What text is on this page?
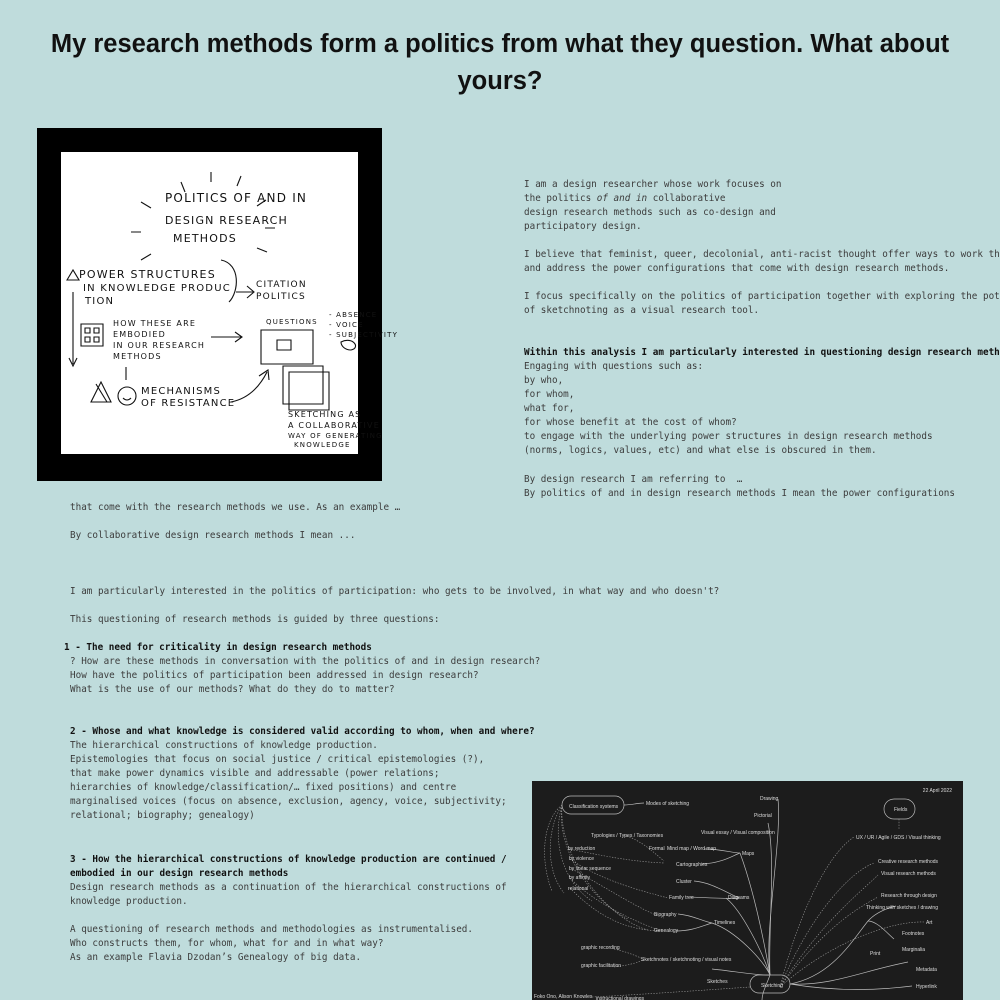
My research methods form a politics from what they question. What about yours?
POLITICS OF AND IN
DESIGN RESEARCH
METHODS
POWER STRUCTURES
IN KNOWLEDGE PRODUC
TION
CITATION
POLITICS
HOW THESE ARE
EMBODIED
IN OUR RESEARCH
METHODS
QUESTIONS
- ABSENCE
- VOICE
- SUBJECTIVITY
MECHANISMS
OF RESISTANCE
SKETCHING AS
A COLLABORATIVE
WAY OF GENERATING
KNOWLEDGE

I am a design researcher whose work focuses on
the politics of and in collaborative
design research methods such as co-design and
participatory design.

I believe that feminist, queer, decolonial, anti-racist thought offer ways to work th
and address the power configurations that come with design research methods.

I focus specifically on the politics of participation together with exploring the pot
of sketchnoting as a visual research tool.

Within this analysis I am particularly interested in questioning design research meth
Engaging with questions such as:
by who,
for whom,
what for,
for whose benefit at the cost of whom?
to engage with the underlying power structures in design research methods
(norms, logics, values, etc) and what else is obscured in them.

By design research I am referring to  …
By politics of and in design research methods I mean the power configurations

that come with the research methods we use. As an example …

By collaborative design research methods I mean ...

I am particularly interested in the politics of participation: who gets to be involved, in what way and who doesn't?

This questioning of research methods is guided by three questions:

1 - The need for criticality in design research methods

? How are these methods in conversation with the politics of and in design research?
How have the politics of participation been addressed in design research?
What is the use of our methods? What do they do to matter?

2 - Whose and what knowledge is considered valid according to whom, when and where?
The hierarchical constructions of knowledge production.
Epistemologies that focus on social justice / critical epistemologies (?),
that make power dynamics visible and addressable (power relations;
hierarchies of knowledge/classification/… fixed positions) and centre
marginalised voices (focus on absence, exclusion, agency, voice, subjectivity;
relational; biography; genealogy)

3 - How the hierarchical constructions of knowledge production are continued /
embodied in our design research methods
Design research methods as a continuation of the hierarchical constructions of
knowledge production.

A questioning of research methods and methodologies as instrumentalised.
Who constructs them, for whom, what for and in what way?
As an example Flavia Dzodan’s Genealogy of big data.

Classification systems	Modes of sketching
Drawing
Pictorial
Visual essay / Visual composition
Typologies / Types / Taxonomies
Formal Mind map / Word map
Maps
Cartographies
by reduction
by violence
by linear sequence
by affinity
relational
Cluster
Diagrams
Family tree
Biography
Timelines
Genealogy
graphic recording
graphic facilitation
Sketchnotes / sketchnoting / visual notes
Sketches
Sketching
Fields
UX / UR / Agile / GDS / Visual thinking
Creative research methods
Visual research methods
Research through design
Thinking with sketches / drawing
Art
Footnotes
Print
Marginalia
Metadata
Hyperlink
Foko Ono, Alison Knowles instructional drawings
22 April 2022
